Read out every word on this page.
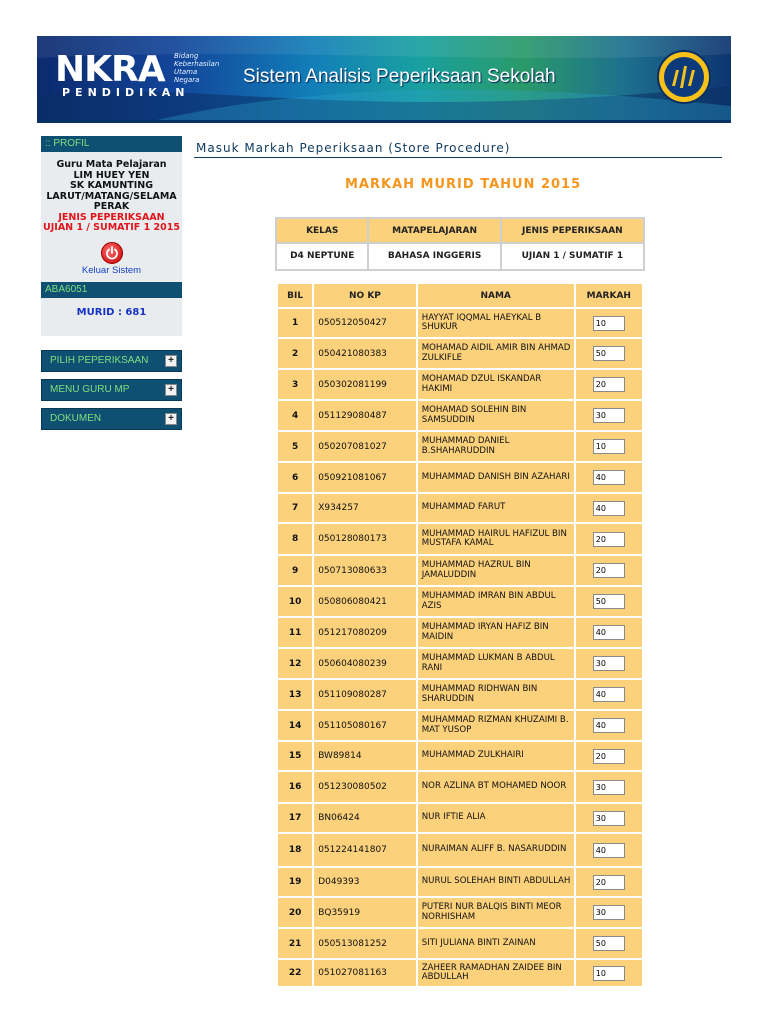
NKRA Bidang
Keberhasilan
Utama
Negara
PENDIDIKAN
Sistem Analisis Peperiksaan Sekolah
:: PROFIL
Guru Mata Pelajaran
LIM HUEY YEN
SK KAMUNTING
LARUT/MATANG/SELAMA
PERAK
JENIS PEPERIKSAAN
UJIAN 1 / SUMATIF 1 2015
Keluar Sistem
ABA6051
MURID : 681
PILIH PEPERIKSAAN	+
MENU GURU MP	+
DOKUMEN	+
Masuk Markah Peperiksaan (Store Procedure)
MARKAH MURID TAHUN 2015
KELAS	MATAPELAJARAN	JENIS PEPERIKSAAN
D4 NEPTUNE	BAHASA INGGERIS	UJIAN 1 / SUMATIF 1
BIL	NO KP	NAMA	MARKAH
1	050512050427	HAYYAT IQQMAL HAEYKAL B SHUKUR	10
2	050421080383	MOHAMAD AIDIL AMIR BIN AHMAD ZULKIFLE	50
3	050302081199	MOHAMAD DZUL ISKANDAR HAKIMI	20
4	051129080487	MOHAMAD SOLEHIN BIN SAMSUDDIN	30
5	050207081027	MUHAMMAD DANIEL B.SHAHARUDDIN	10
6	050921081067	MUHAMMAD DANISH BIN AZAHARI	40
7	X934257	MUHAMMAD FARUT	40
8	050128080173	MUHAMMAD HAIRUL HAFIZUL BIN MUSTAFA KAMAL	20
9	050713080633	MUHAMMAD HAZRUL BIN JAMALUDDIN	20
10	050806080421	MUHAMMAD IMRAN BIN ABDUL AZIS	50
11	051217080209	MUHAMMAD IRYAN HAFIZ BIN MAIDIN	40
12	050604080239	MUHAMMAD LUKMAN B ABDUL RANI	30
13	051109080287	MUHAMMAD RIDHWAN BIN SHARUDDIN	40
14	051105080167	MUHAMMAD RIZMAN KHUZAIMI B. MAT YUSOP	40
15	BW89814	MUHAMMAD ZULKHAIRI	20
16	051230080502	NOR AZLINA BT MOHAMED NOOR	30
17	BN06424	NUR IFTIE ALIA	30
18	051224141807	NURAIMAN ALIFF B. NASARUDDIN	40
19	D049393	NURUL SOLEHAH BINTI ABDULLAH	20
20	BQ35919	PUTERI NUR BALQIS BINTI MEOR NORHISHAM	30
21	050513081252	SITI JULIANA BINTI ZAINAN	50
22	051027081163	ZAHEER RAMADHAN ZAIDEE BIN ABDULLAH	10
